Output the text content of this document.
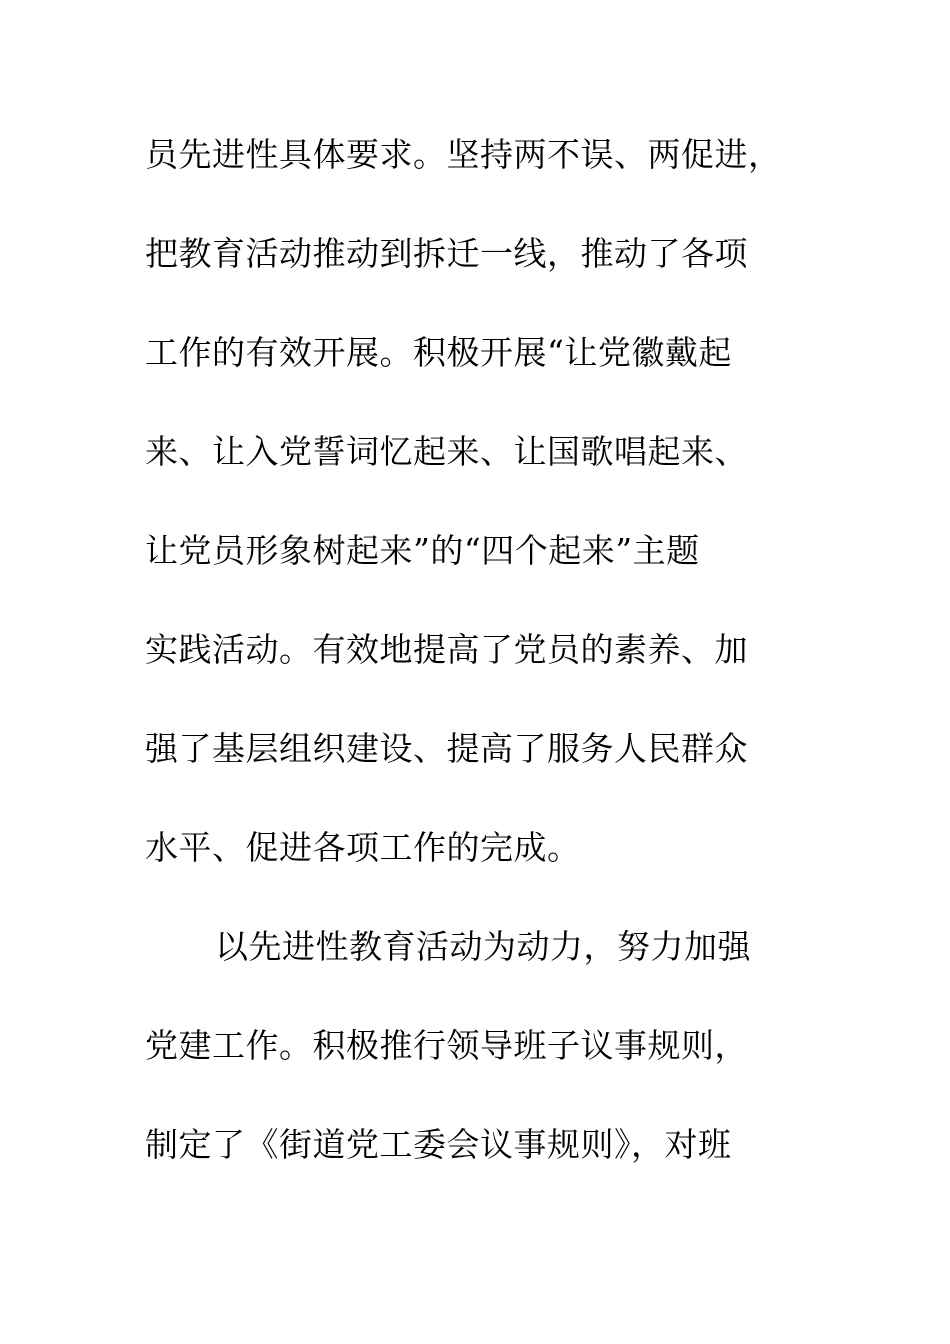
员先进性具体要求。坚持两不误、两促进，
把教育活动推动到拆迁一线，推动了各项
工作的有效开展。积极开展“让党徽戴起
来、让入党誓词忆起来、让国歌唱起来、
让党员形象树起来”的“四个起来”主题
实践活动。有效地提高了党员的素养、加
强了基层组织建设、提高了服务人民群众
水平、促进各项工作的完成。
以先进性教育活动为动力，努力加强
党建工作。积极推行领导班子议事规则，
制定了《街道党工委会议事规则》，对班
